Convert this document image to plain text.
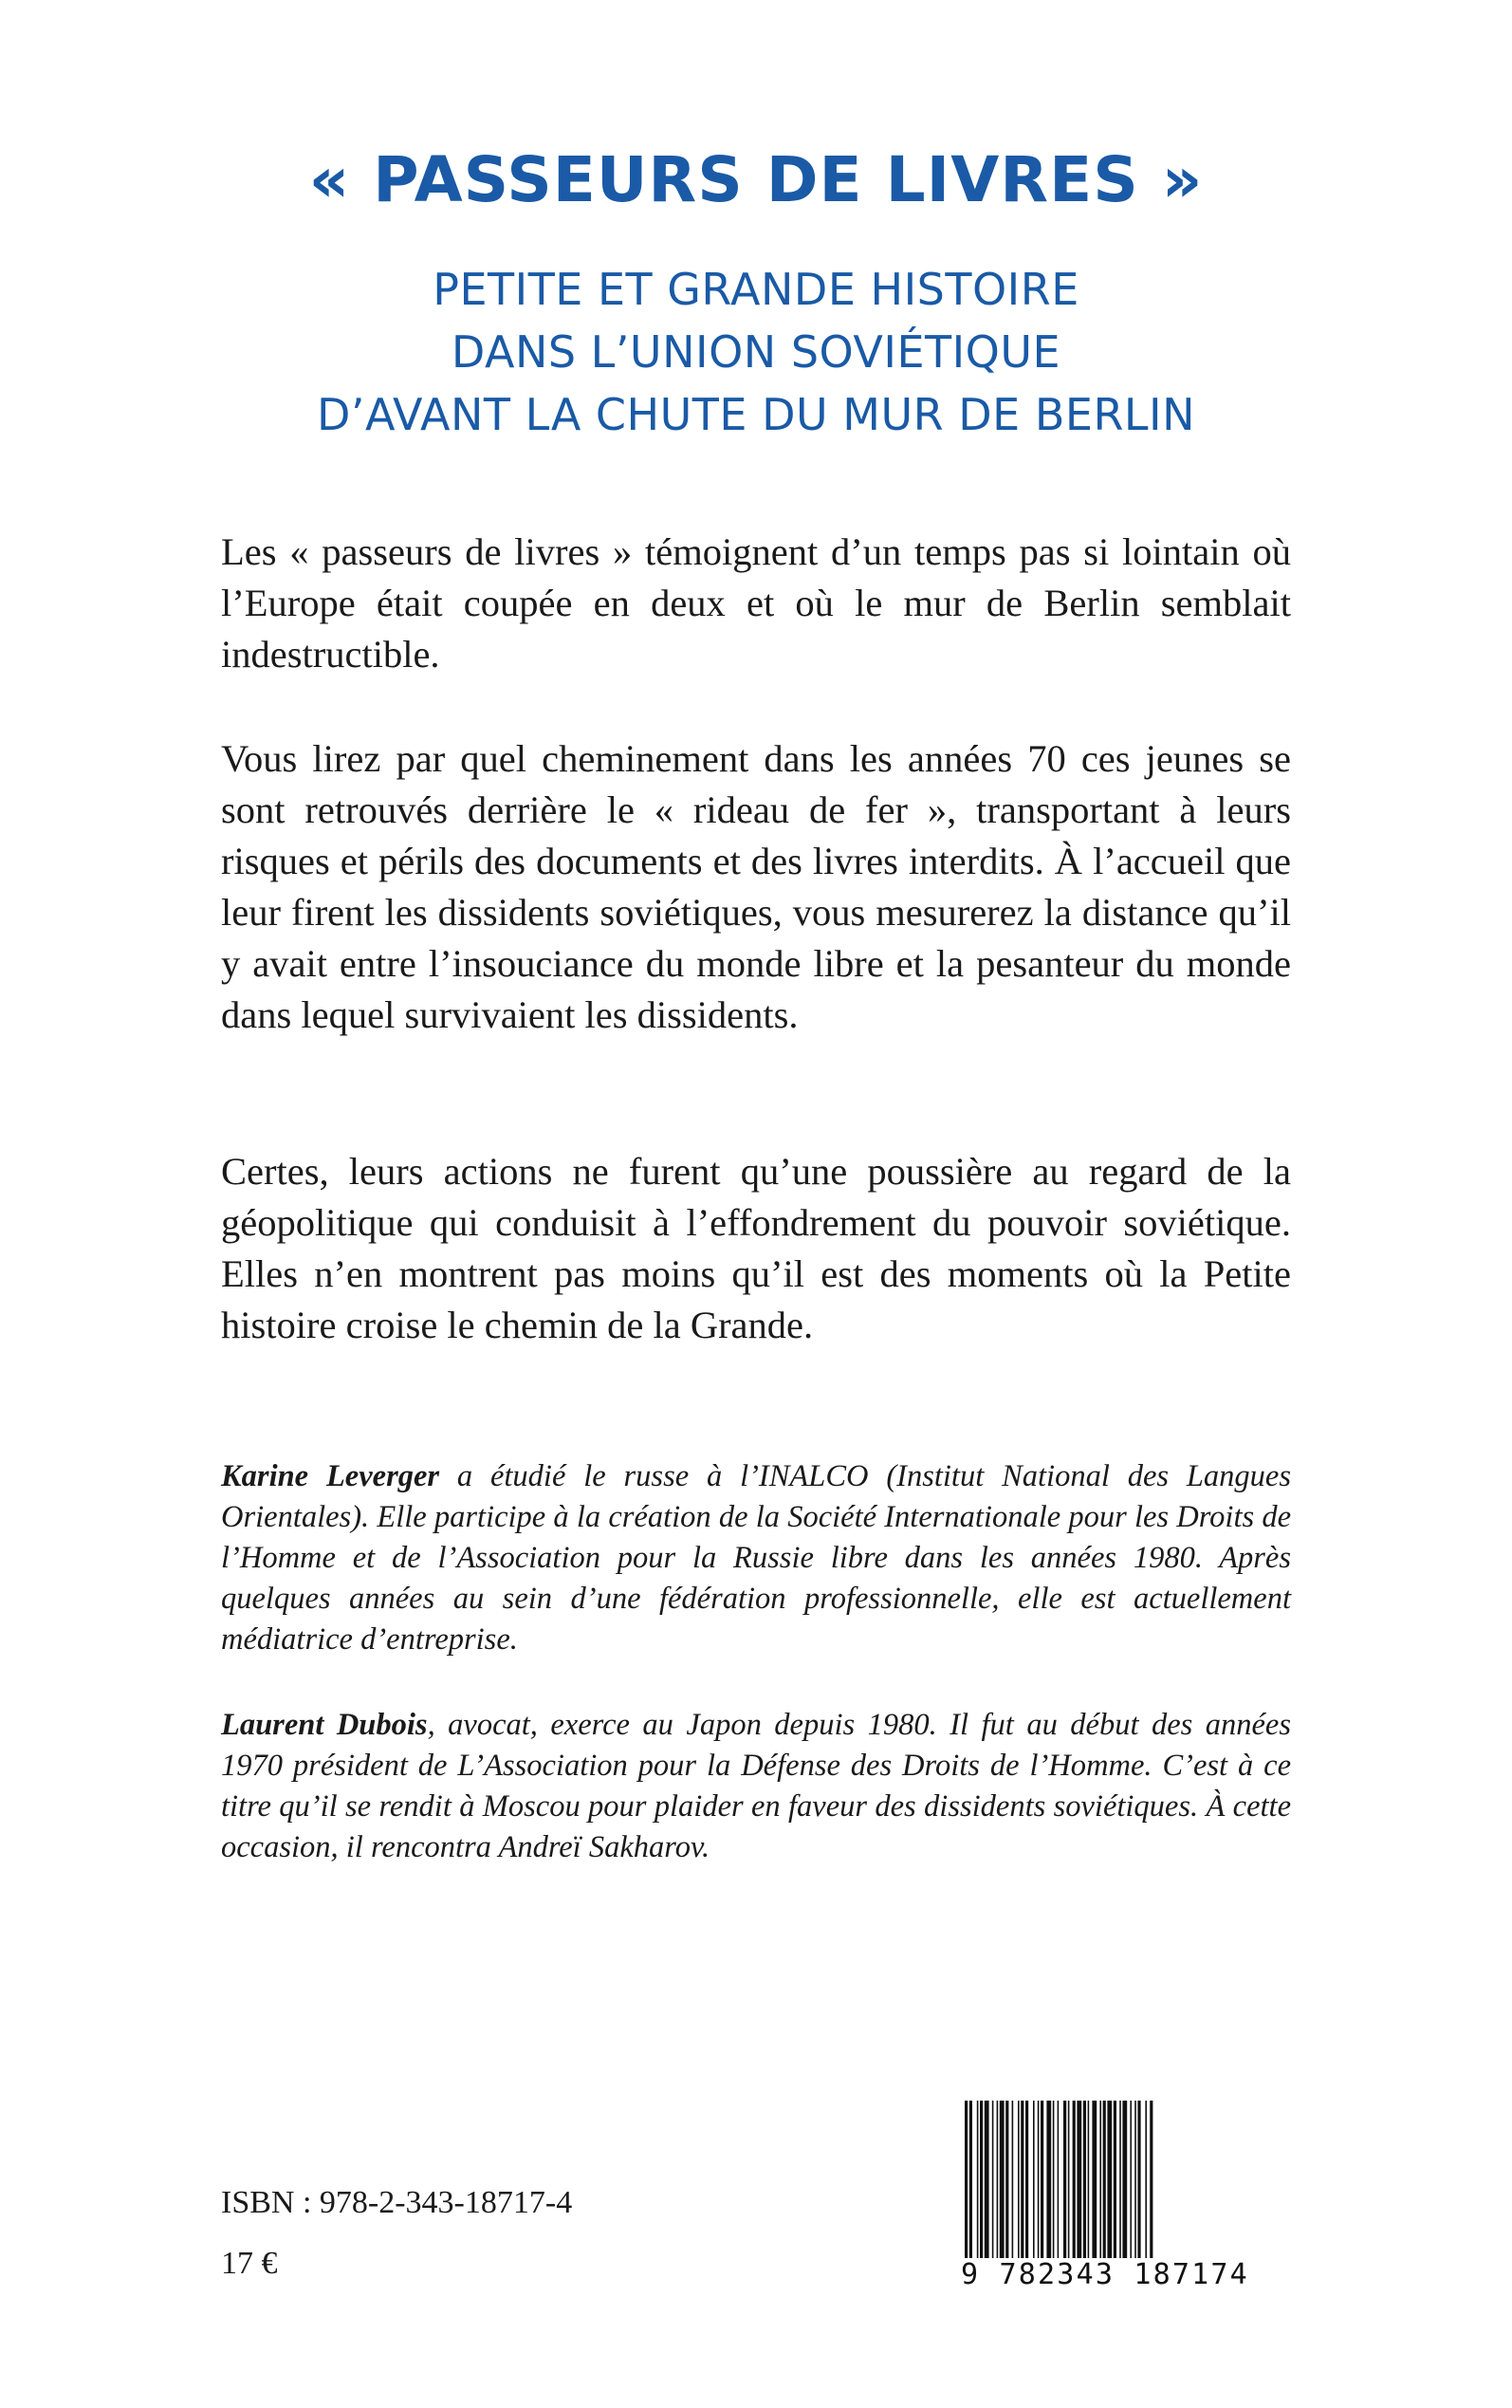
« PASSEURS DE LIVRES »
PETITE ET GRANDE HISTOIRE
DANS L’UNION SOVIÉTIQUE
D’AVANT LA CHUTE DU MUR DE BERLIN

Les « passeurs de livres » témoignent d’un temps pas si lointain où l’Europe était coupée en deux et où le mur de Berlin semblait indestructible.

Vous lirez par quel cheminement dans les années 70 ces jeunes se sont retrouvés derrière le « rideau de fer », transportant à leurs risques et périls des documents et des livres interdits. À l’accueil que leur firent les dissidents soviétiques, vous mesurerez la distance qu’il y avait entre l’insouciance du monde libre et la pesanteur du monde dans lequel survivaient les dissidents.

Certes, leurs actions ne furent qu’une poussière au regard de la géopolitique qui conduisit à l’effondrement du pouvoir soviétique. Elles n’en montrent pas moins qu’il est des moments où la Petite histoire croise le chemin de la Grande.

Karine Leverger a étudié le russe à l’INALCO (Institut National des Langues Orientales). Elle participe à la création de la Société Internationale pour les Droits de l’Homme et de l’Association pour la Russie libre dans les années 1980. Après quelques années au sein d’une fédération professionnelle, elle est actuellement médiatrice d’entreprise.

Laurent Dubois, avocat, exerce au Japon depuis 1980. Il fut au début des années 1970 président de L’Association pour la Défense des Droits de l’Homme. C’est à ce titre qu’il se rendit à Moscou pour plaider en faveur des dissidents soviétiques. À cette occasion, il rencontra Andreï Sakharov.

ISBN : 978-2-343-18717-4
17 €	9 782343 187174
